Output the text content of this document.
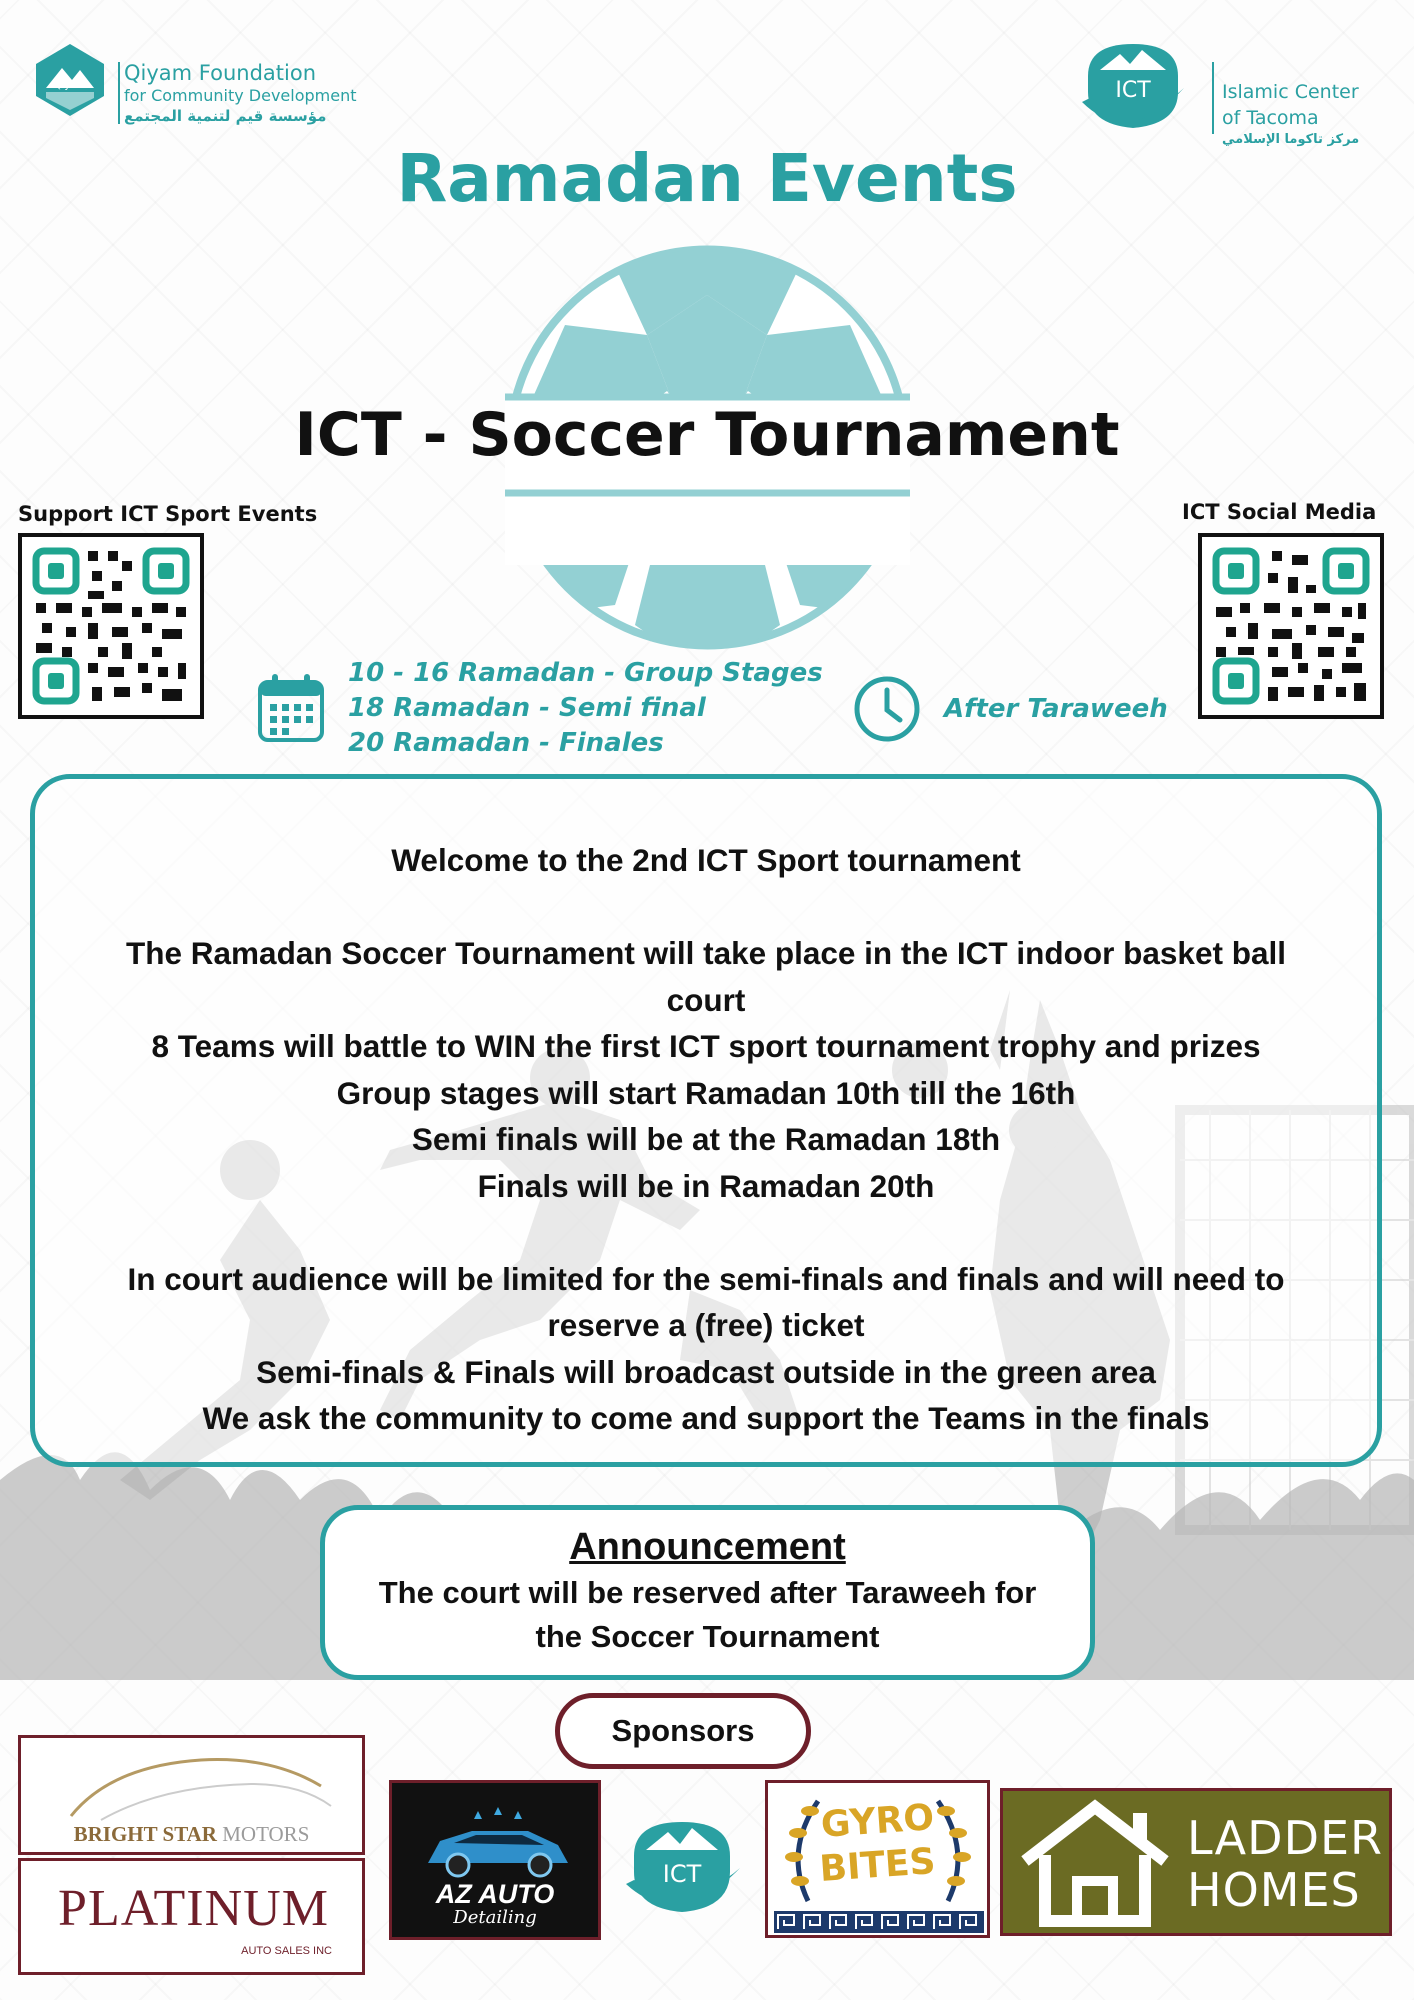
Qiyam
Qiyam Foundation
for Community Development
مؤسسة قيم لتنمية المجتمع
ICT	Islamic Center
of Tacoma
مركز تاكوما الإسلامي
Ramadan Events
ICT - Soccer Tournament
Support ICT Sport Events	ICT Social Media
10 - 16 Ramadan - Group Stages
18 Ramadan - Semi final
20 Ramadan - Finales
After Taraweeh
Welcome to the 2nd ICT Sport tournament

The Ramadan Soccer Tournament will take place in the ICT indoor basket ball
court
8 Teams will battle to WIN the first ICT sport tournament trophy and prizes
Group stages will start Ramadan 10th till the 16th
Semi finals will be at the Ramadan 18th
Finals will be in Ramadan 20th

In court audience will be limited for the semi-finals and finals and will need to
reserve a (free) ticket
Semi-finals & Finals will broadcast outside in the green area
We ask the community to come and support the Teams in the finals
Announcement
The court will be reserved after Taraweeh for
the Soccer Tournament
Sponsors
BRIGHT STAR MOTORS
PLATINUM
AUTO SALES INC
AZ AUTO
Detailing
ICT
GYRO
BITES
LADDER
HOMES
